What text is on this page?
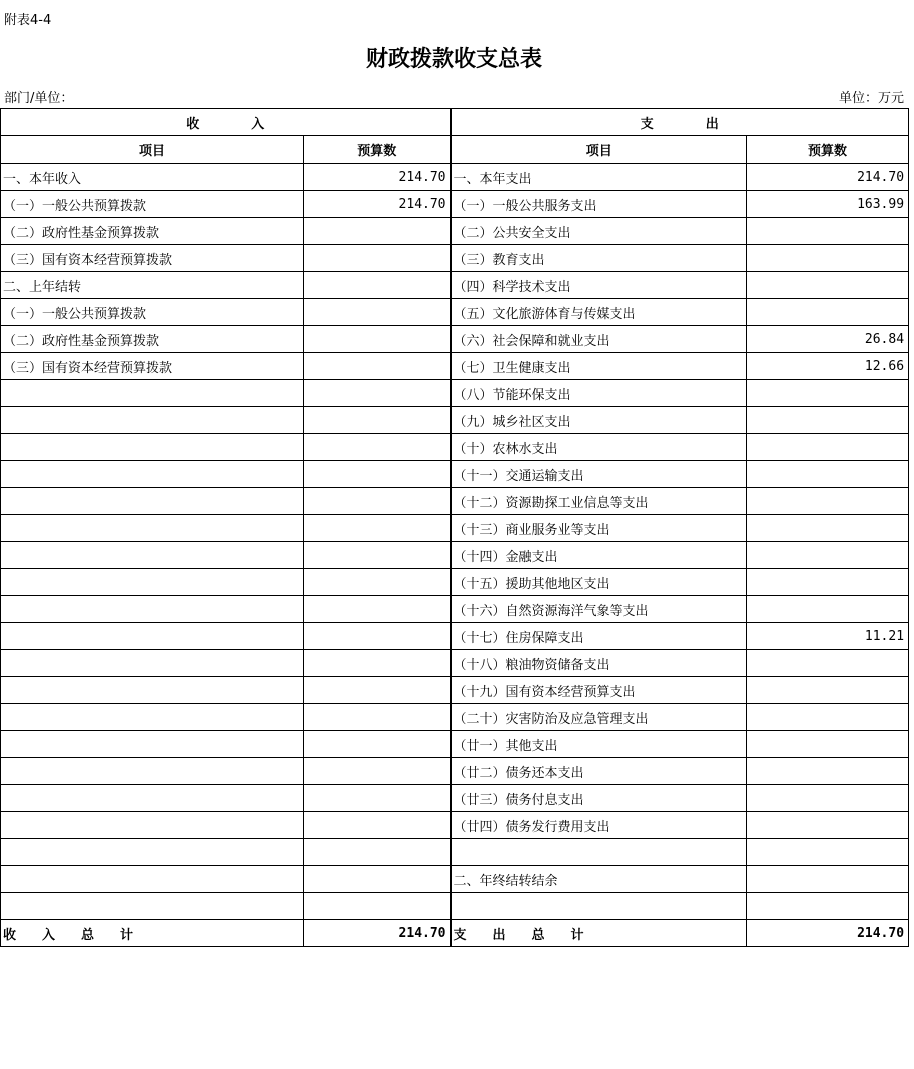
附表4-4
财政拨款收支总表
部门/单位：	单位：万元
收　　　　入		支　　　　出	
项目	预算数	项目	预算数
一、本年收入	214.70	一、本年支出	214.70
（一）一般公共预算拨款	214.70	（一）一般公共服务支出	163.99
（二）政府性基金预算拨款		（二）公共安全支出	
（三）国有资本经营预算拨款		（三）教育支出	
二、上年结转		（四）科学技术支出	
（一）一般公共预算拨款		（五）文化旅游体育与传媒支出	
（二）政府性基金预算拨款		（六）社会保障和就业支出	26.84
（三）国有资本经营预算拨款		（七）卫生健康支出	12.66
		（八）节能环保支出	
		（九）城乡社区支出	
		（十）农林水支出	
		（十一）交通运输支出	
		（十二）资源勘探工业信息等支出	
		（十三）商业服务业等支出	
		（十四）金融支出	
		（十五）援助其他地区支出	
		（十六）自然资源海洋气象等支出	
		（十七）住房保障支出	11.21
		（十八）粮油物资储备支出	
		（十九）国有资本经营预算支出	
		（二十）灾害防治及应急管理支出	
		（廿一）其他支出	
		（廿二）债务还本支出	
		（廿三）债务付息支出	
		（廿四）债务发行费用支出	

		二、年终结转结余	

收　　入　　总　　计	214.70	支　　出　　总　　计	214.70
